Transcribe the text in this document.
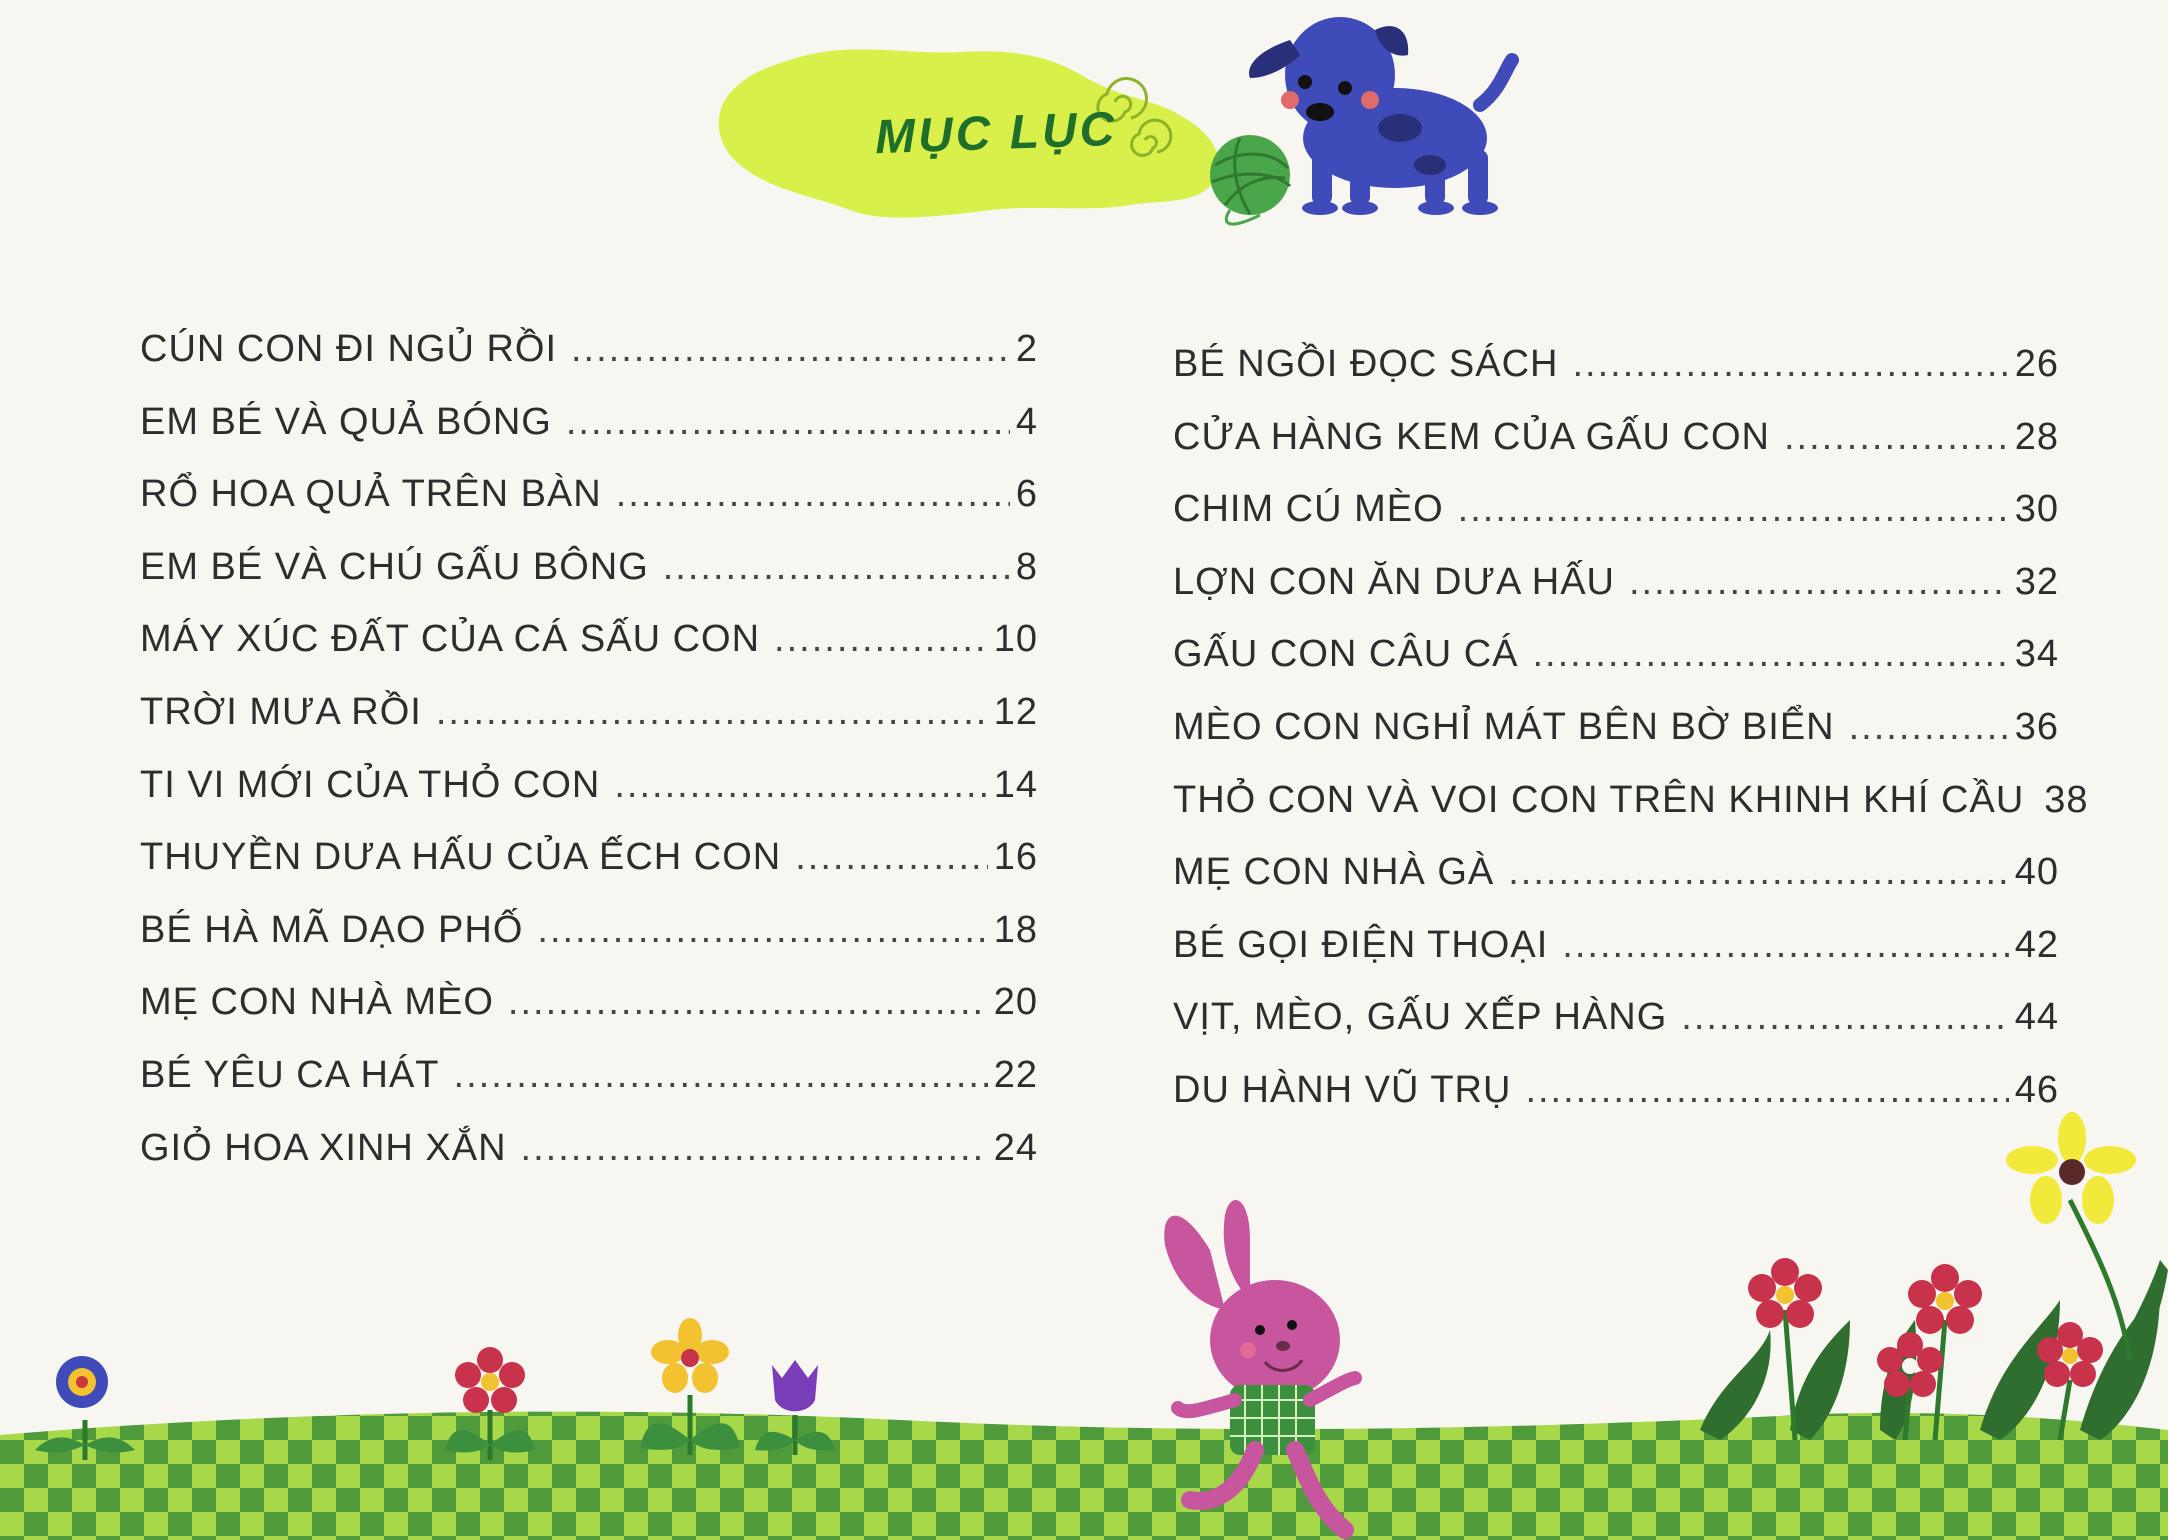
MỤC LỤC
CÚN CON ĐI NGỦ RỒI .....	2
EM BÉ VÀ QUẢ BÓNG .....	4
RỔ HOA QUẢ TRÊN BÀN .....	6
EM BÉ VÀ CHÚ GẤU BÔNG .....	8
MÁY XÚC ĐẤT CỦA CÁ SẤU CON .....	10
TRỜI MƯA RỒI .....	12
TI VI MỚI CỦA THỎ CON .....	14
THUYỀN DƯA HẤU CỦA ẾCH CON .....	16
BÉ HÀ MÃ DẠO PHỐ .....	18
MẸ CON NHÀ MÈO .....	20
BÉ YÊU CA HÁT .....	22
GIỎ HOA XINH XẮN .....	24
BÉ NGỒI ĐỌC SÁCH .....	26
CỬA HÀNG KEM CỦA GẤU CON .....	28
CHIM CÚ MÈO .....	30
LỢN CON ĂN DƯA HẤU .....	32
GẤU CON CÂU CÁ .....	34
MÈO CON NGHỈ MÁT BÊN BỜ BIỂN .....	36
THỎ CON VÀ VOI CON TRÊN KHINH KHÍ CẦU 38
MẸ CON NHÀ GÀ .....	40
BÉ GỌI ĐIỆN THOẠI .....	42
VỊT, MÈO, GẤU XẾP HÀNG .....	44
DU HÀNH VŨ TRỤ .....	46
